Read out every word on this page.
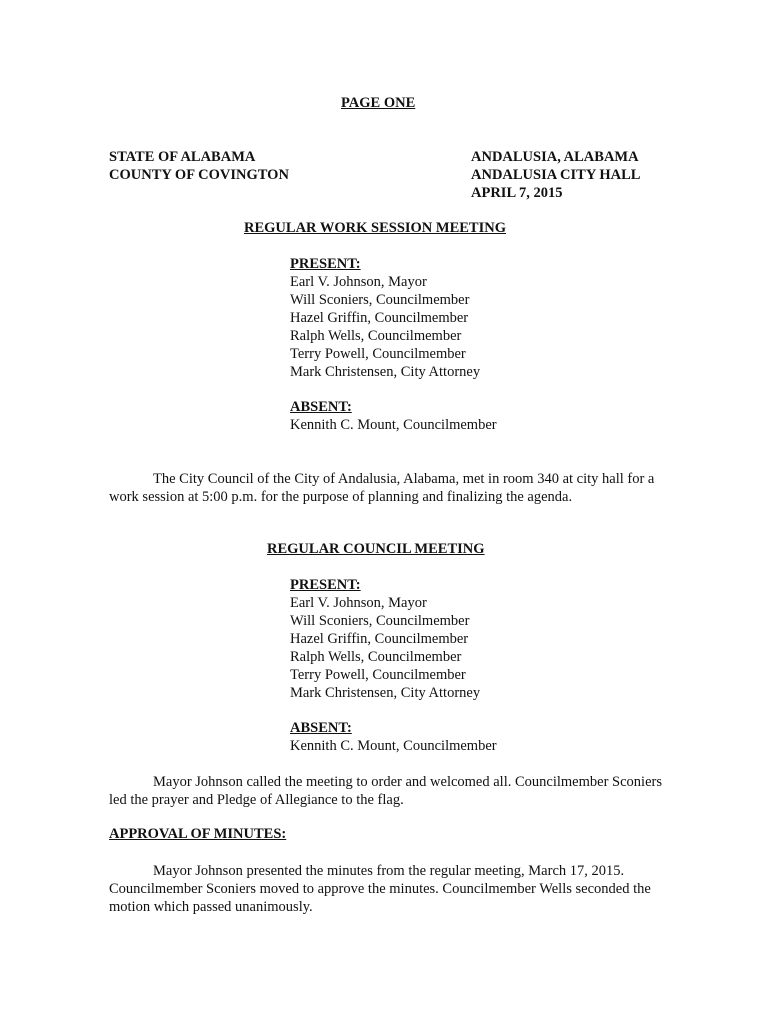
PAGE ONE
STATE OF ALABAMA
COUNTY OF COVINGTON
ANDALUSIA, ALABAMA
ANDALUSIA CITY HALL
APRIL 7, 2015
REGULAR WORK SESSION MEETING
PRESENT:
Earl V. Johnson, Mayor
Will Sconiers, Councilmember
Hazel Griffin, Councilmember
Ralph Wells, Councilmember
Terry Powell, Councilmember
Mark Christensen, City Attorney
ABSENT:
Kennith C. Mount, Councilmember
The City Council of the City of Andalusia, Alabama, met in room 340 at city hall for a work session at 5:00 p.m. for the purpose of planning and finalizing the agenda.
REGULAR COUNCIL MEETING
PRESENT:
Earl V. Johnson, Mayor
Will Sconiers, Councilmember
Hazel Griffin, Councilmember
Ralph Wells, Councilmember
Terry Powell, Councilmember
Mark Christensen, City Attorney
ABSENT:
Kennith C. Mount, Councilmember
Mayor Johnson called the meeting to order and welcomed all. Councilmember Sconiers led the prayer and Pledge of Allegiance to the flag.
APPROVAL OF MINUTES:
Mayor Johnson presented the minutes from the regular meeting, March 17, 2015. Councilmember Sconiers moved to approve the minutes. Councilmember Wells seconded the motion which passed unanimously.
